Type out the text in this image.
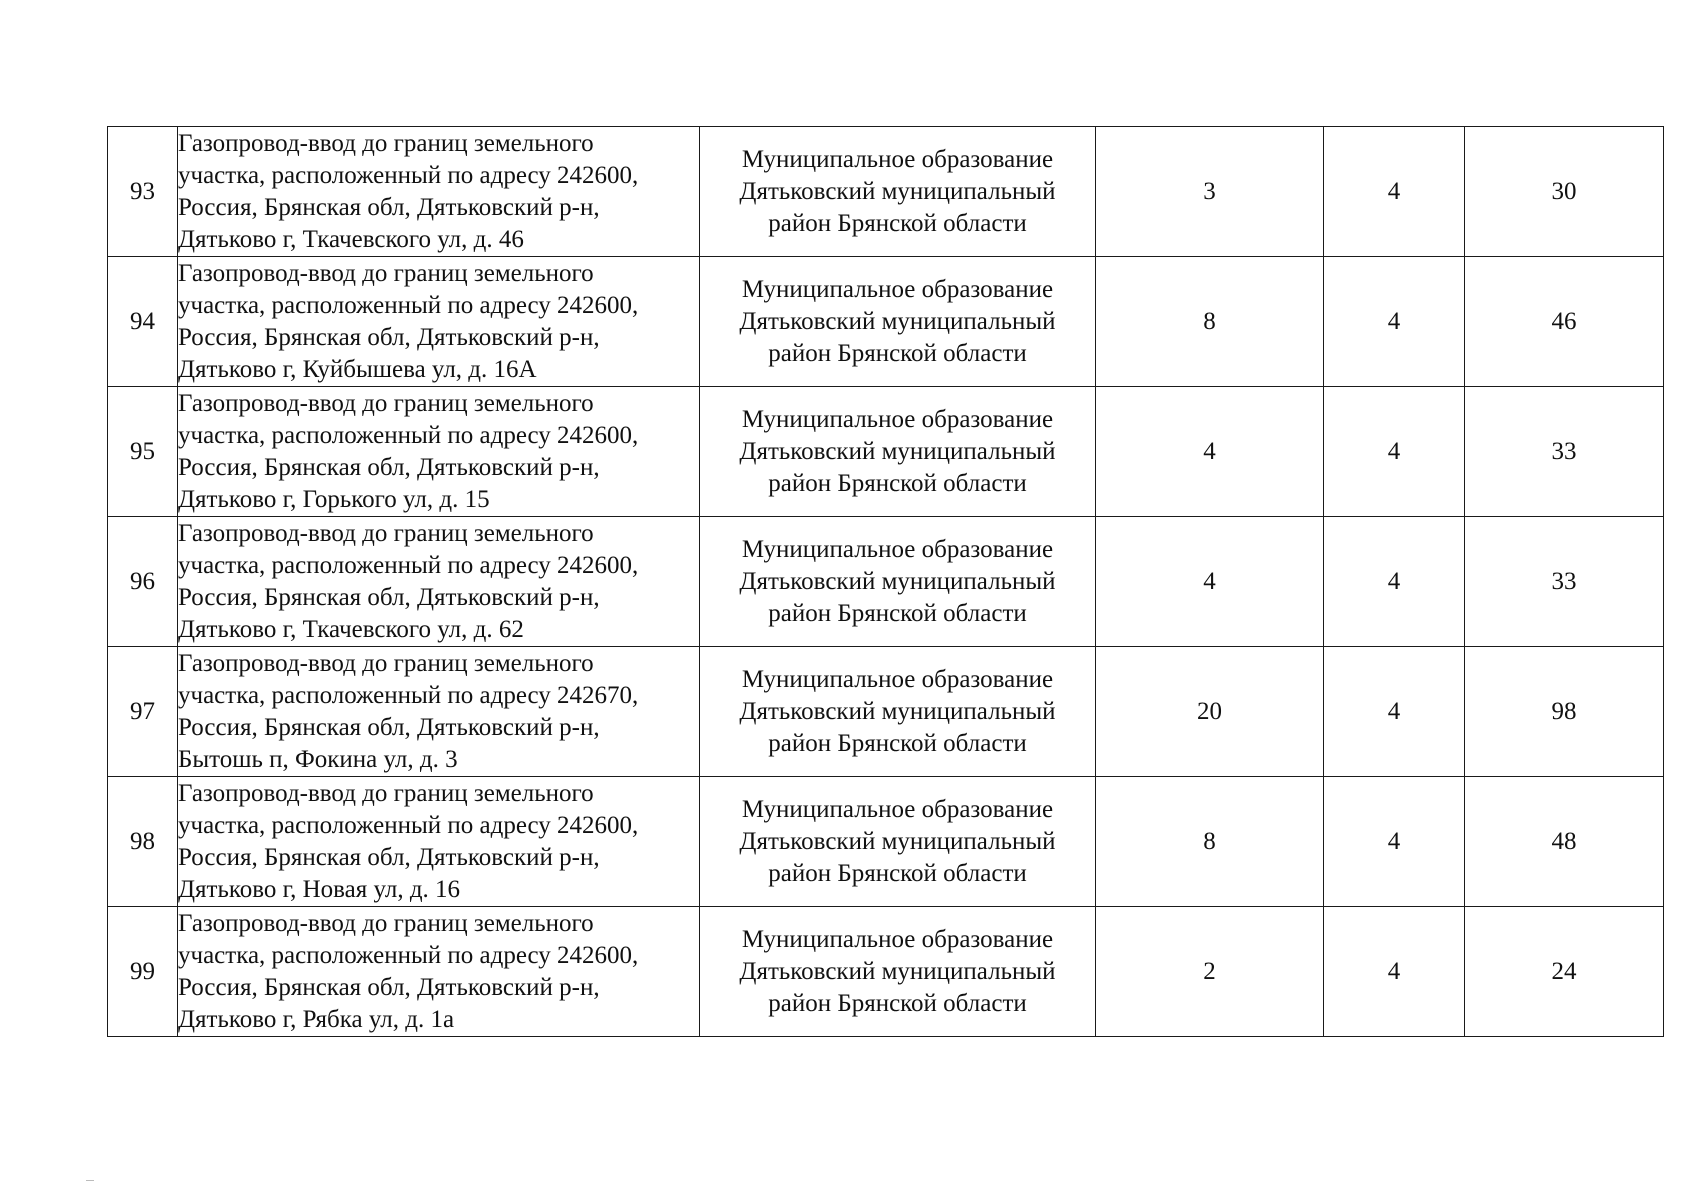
93	Газопровод-ввод до границ земельного
участка, расположенный по адресу 242600,
Россия, Брянская обл, Дятьковский р-н,
Дятьково г, Ткачевского ул, д. 46	Муниципальное образование
Дятьковский муниципальный
район Брянской области	3	4	30
94	Газопровод-ввод до границ земельного
участка, расположенный по адресу 242600,
Россия, Брянская обл, Дятьковский р-н,
Дятьково г, Куйбышева ул, д. 16А	Муниципальное образование
Дятьковский муниципальный
район Брянской области	8	4	46
95	Газопровод-ввод до границ земельного
участка, расположенный по адресу 242600,
Россия, Брянская обл, Дятьковский р-н,
Дятьково г, Горького ул, д. 15	Муниципальное образование
Дятьковский муниципальный
район Брянской области	4	4	33
96	Газопровод-ввод до границ земельного
участка, расположенный по адресу 242600,
Россия, Брянская обл, Дятьковский р-н,
Дятьково г, Ткачевского ул, д. 62	Муниципальное образование
Дятьковский муниципальный
район Брянской области	4	4	33
97	Газопровод-ввод до границ земельного
участка, расположенный по адресу 242670,
Россия, Брянская обл, Дятьковский р-н,
Бытошь п, Фокина ул, д. 3	Муниципальное образование
Дятьковский муниципальный
район Брянской области	20	4	98
98	Газопровод-ввод до границ земельного
участка, расположенный по адресу 242600,
Россия, Брянская обл, Дятьковский р-н,
Дятьково г, Новая ул, д. 16	Муниципальное образование
Дятьковский муниципальный
район Брянской области	8	4	48
99	Газопровод-ввод до границ земельного
участка, расположенный по адресу 242600,
Россия, Брянская обл, Дятьковский р-н,
Дятьково г, Рябка ул, д. 1а	Муниципальное образование
Дятьковский муниципальный
район Брянской области	2	4	24
